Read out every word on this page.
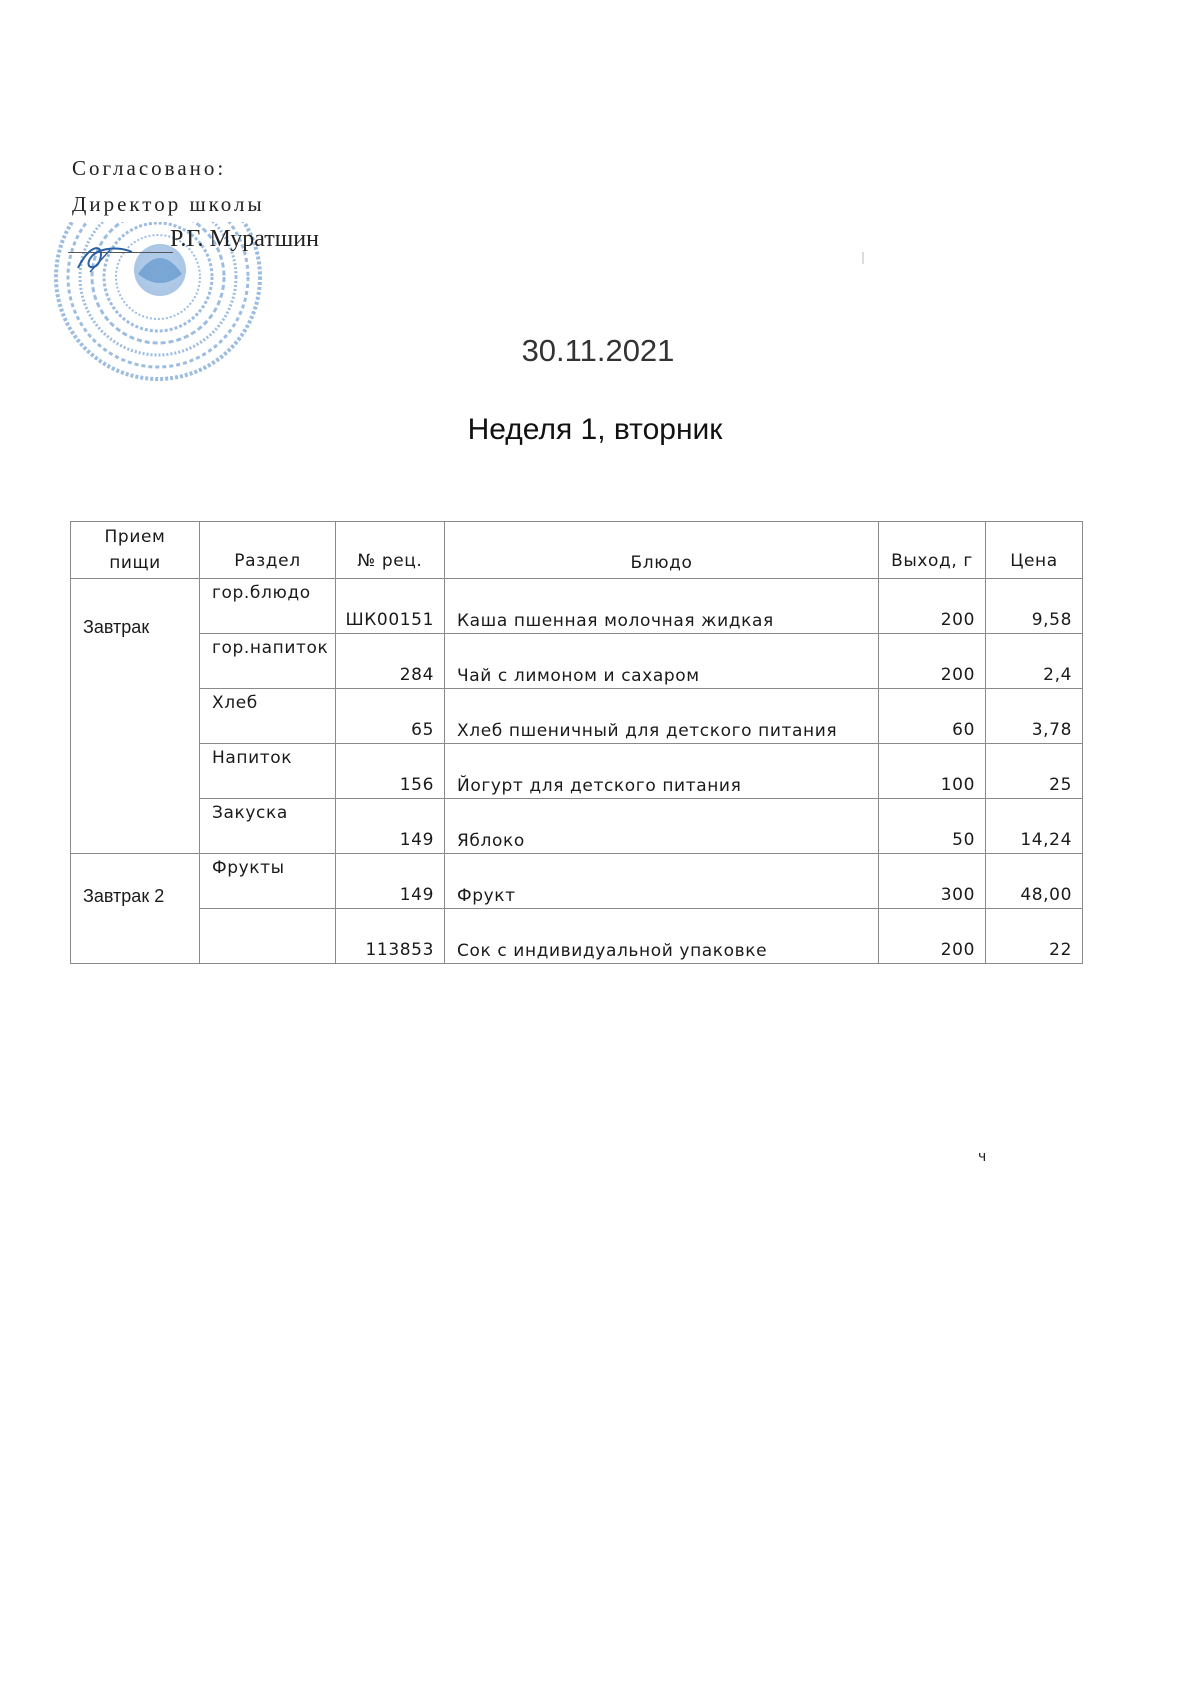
Согласовано:
Директор школы
Р.Г. Муратшин
30.11.2021
Неделя 1, вторник
Прием
пищи	Раздел	№ рец.	Блюдо	Выход, г	Цена

Завтрак	гор.блюдо	ШК00151	Каша пшенная молочная жидкая	200	9,58

	гор.напиток	284	Чай с лимоном и сахаром	200	2,4

	Хлеб	65	Хлеб пшеничный для детского питания	60	3,78

	Напиток	156	Йогурт для детского питания	100	25

	Закуска	149	Яблоко	50	14,24

Завтрак 2	Фрукты	149	Фрукт	300	48,00

		113853	Сок с индивидуальной упаковке	200	22
ч
